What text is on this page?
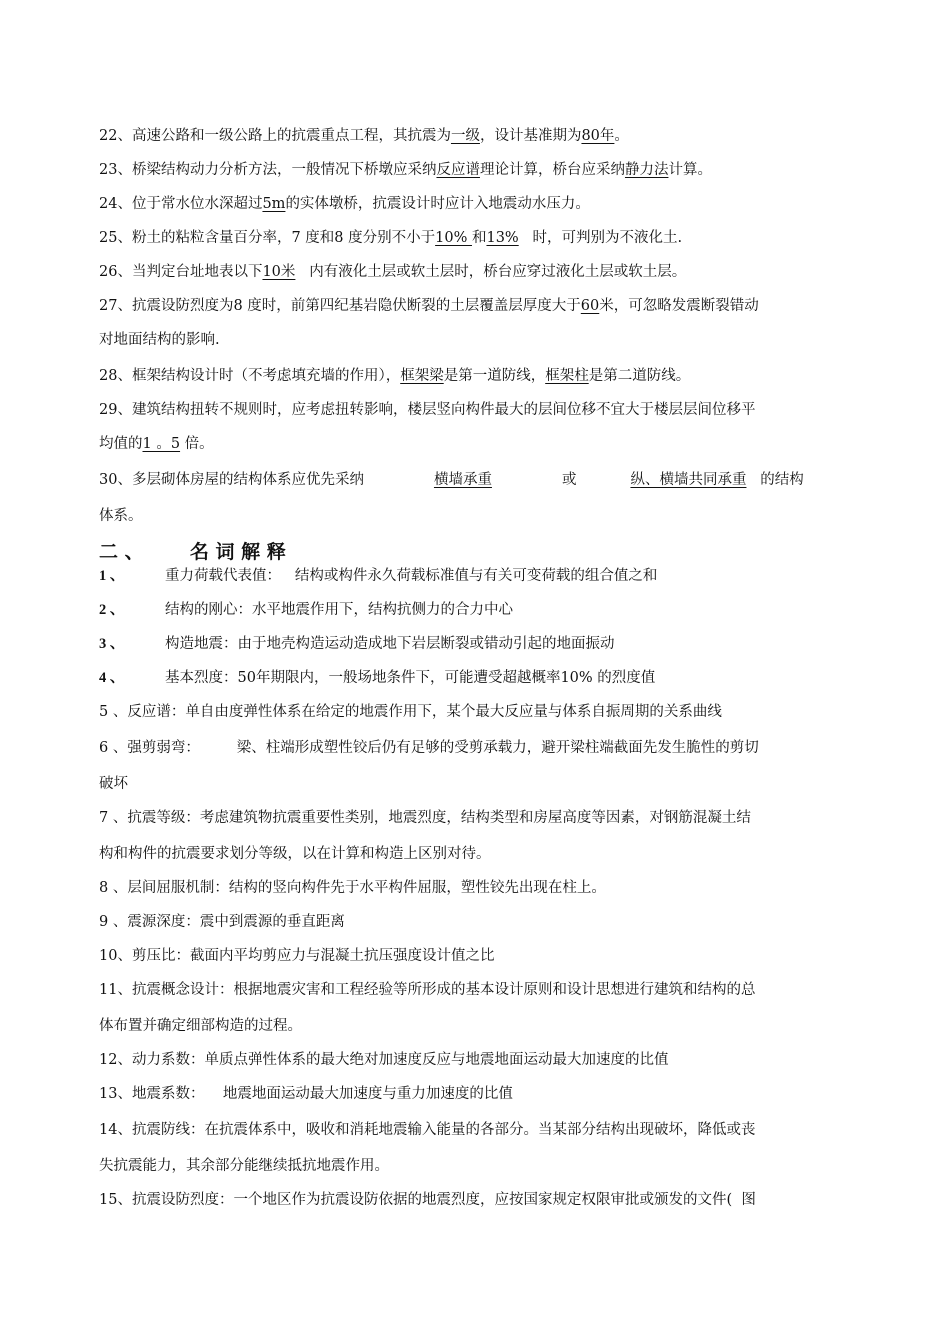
22、高速公路和一级公路上的抗震重点工程，其抗震为一级，设计基准期为80年。
23、桥梁结构动力分析方法，一般情况下桥墩应采纳反应谱理论计算，桥台应采纳静力法计算。
24、位于常水位水深超过5m的实体墩桥，抗震设计时应计入地震动水压力。
25、粉土的粘粒含量百分率，7 度和8 度分别不小于10% 和13%   时，可判别为不液化土.
26、当判定台址地表以下10米   内有液化土层或软土层时，桥台应穿过液化土层或软土层。
27、抗震设防烈度为8 度时，前第四纪基岩隐伏断裂的土层覆盖层厚度大于60米，可忽略发震断裂错动
对地面结构的影响.
28、框架结构设计时（不考虑填充墙的作用），框架梁是第一道防线，框架柱是第二道防线。
29、建筑结构扭转不规则时，应考虑扭转影响，楼层竖向构件最大的层间位移不宜大于楼层层间位移平
均值的1 。5 倍。
30、多层砌体房屋的结构体系应优先采纳	横墙承重	或	纵、横墙共同承重   的结构
体系。
二 、       名 词 解 释
1 、	重力荷载代表值：   结构或构件永久荷载标准值与有关可变荷载的组合值之和
2 、	结构的刚心：水平地震作用下，结构抗侧力的合力中心
3 、	构造地震：由于地壳构造运动造成地下岩层断裂或错动引起的地面振动
4 、	基本烈度：50年期限内，一般场地条件下，可能遭受超越概率10% 的烈度值
5 、反应谱：单自由度弹性体系在给定的地震作用下，某个最大反应量与体系自振周期的关系曲线
6 、强剪弱弯：        梁、柱端形成塑性铰后仍有足够的受剪承载力，避开梁柱端截面先发生脆性的剪切
破坏
7 、抗震等级：考虑建筑物抗震重要性类别，地震烈度，结构类型和房屋高度等因素，对钢筋混凝土结
构和构件的抗震要求划分等级，以在计算和构造上区别对待。
8 、层间屈服机制：结构的竖向构件先于水平构件屈服，塑性铰先出现在柱上。
9 、震源深度：震中到震源的垂直距离
10、剪压比：截面内平均剪应力与混凝土抗压强度设计值之比
11、抗震概念设计：根据地震灾害和工程经验等所形成的基本设计原则和设计思想进行建筑和结构的总
体布置并确定细部构造的过程。
12、动力系数：单质点弹性体系的最大绝对加速度反应与地震地面运动最大加速度的比值
13、地震系数：    地震地面运动最大加速度与重力加速度的比值
14、抗震防线：在抗震体系中，吸收和消耗地震输入能量的各部分。当某部分结构出现破坏，降低或丧
失抗震能力，其余部分能继续抵抗地震作用。
15、抗震设防烈度：一个地区作为抗震设防依据的地震烈度，应按国家规定权限审批或颁发的文件(  图
